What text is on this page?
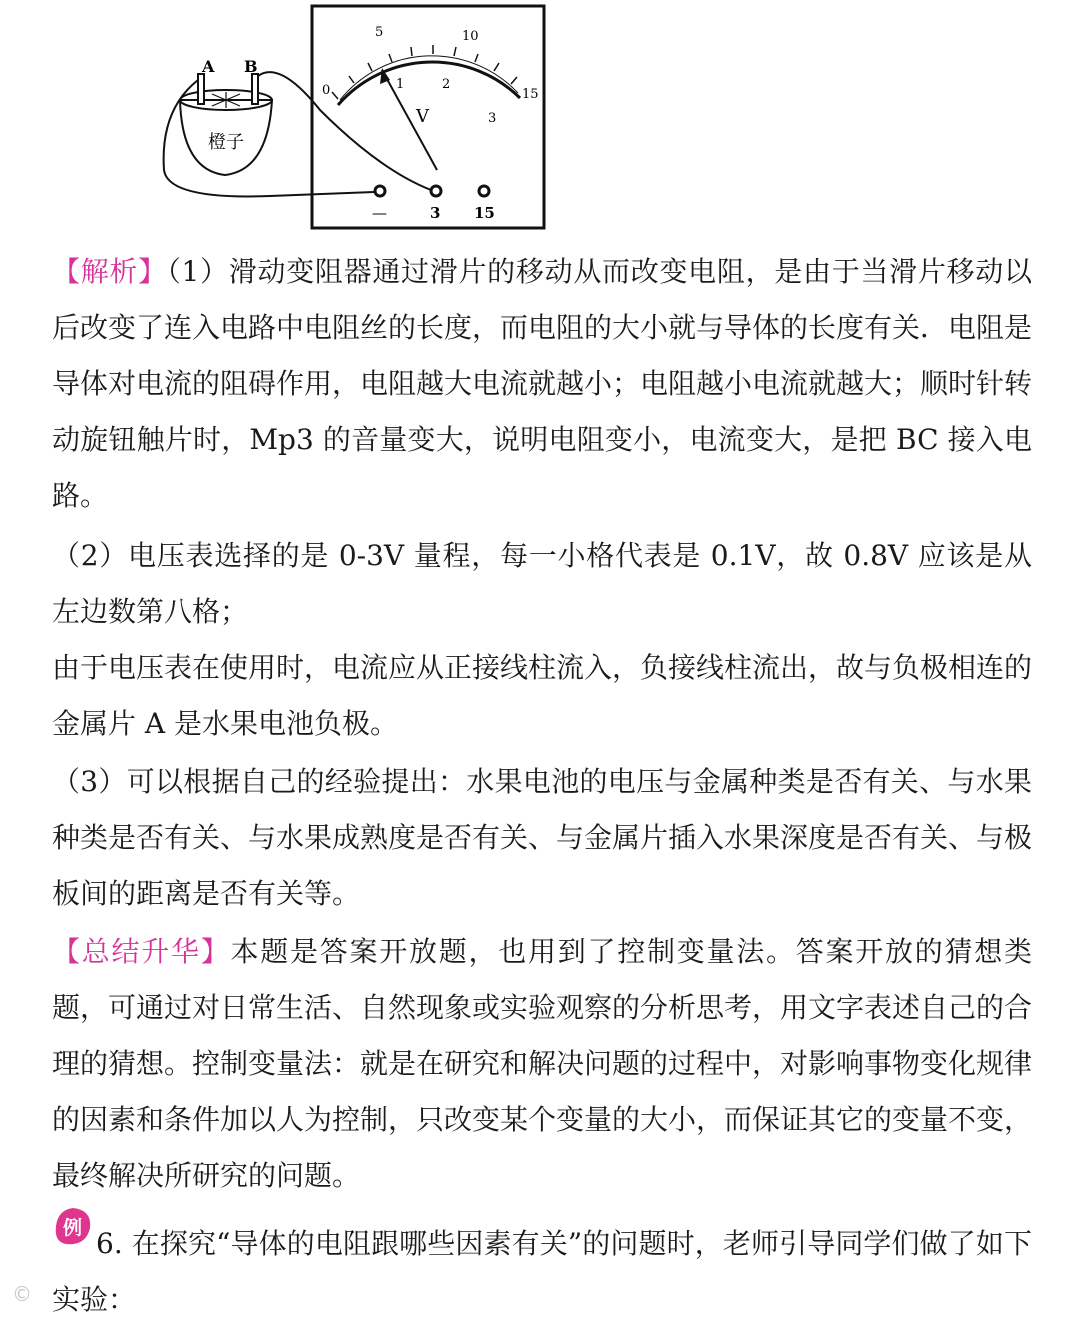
0
5	10
15
1	2
3
V
—	3 15
橙子
A B

【解析】（1）滑动变阻器通过滑片的移动从而改变电阻，是由于当滑片移动以后改变了连入电路中电阻丝的长度，而电阻的大小就与导体的长度有关．电阻是导体对电流的阻碍作用，电阻越大电流就越小；电阻越小电流就越大；顺时针转动旋钮触片时，Mp3 的音量变大，说明电阻变小，电流变大，是把 BC 接入电路。

（2）电压表选择的是 0-3V 量程，每一小格代表是 0.1V，故 0.8V 应该是从左边数第八格；

由于电压表在使用时，电流应从正接线柱流入，负接线柱流出，故与负极相连的金属片 A 是水果电池负极。

（3）可以根据自己的经验提出：水果电池的电压与金属种类是否有关、与水果种类是否有关、与水果成熟度是否有关、与金属片插入水果深度是否有关、与极板间的距离是否有关等。

【总结升华】本题是答案开放题，也用到了控制变量法。答案开放的猜想类题，可通过对日常生活、自然现象或实验观察的分析思考，用文字表述自己的合理的猜想。控制变量法：就是在研究和解决问题的过程中，对影响事物变化规律的因素和条件加以人为控制，只改变某个变量的大小，而保证其它的变量不变，最终解决所研究的问题。

例 6. 在探究“导体的电阻跟哪些因素有关”的问题时，老师引导同学们做了如下实验：

©
